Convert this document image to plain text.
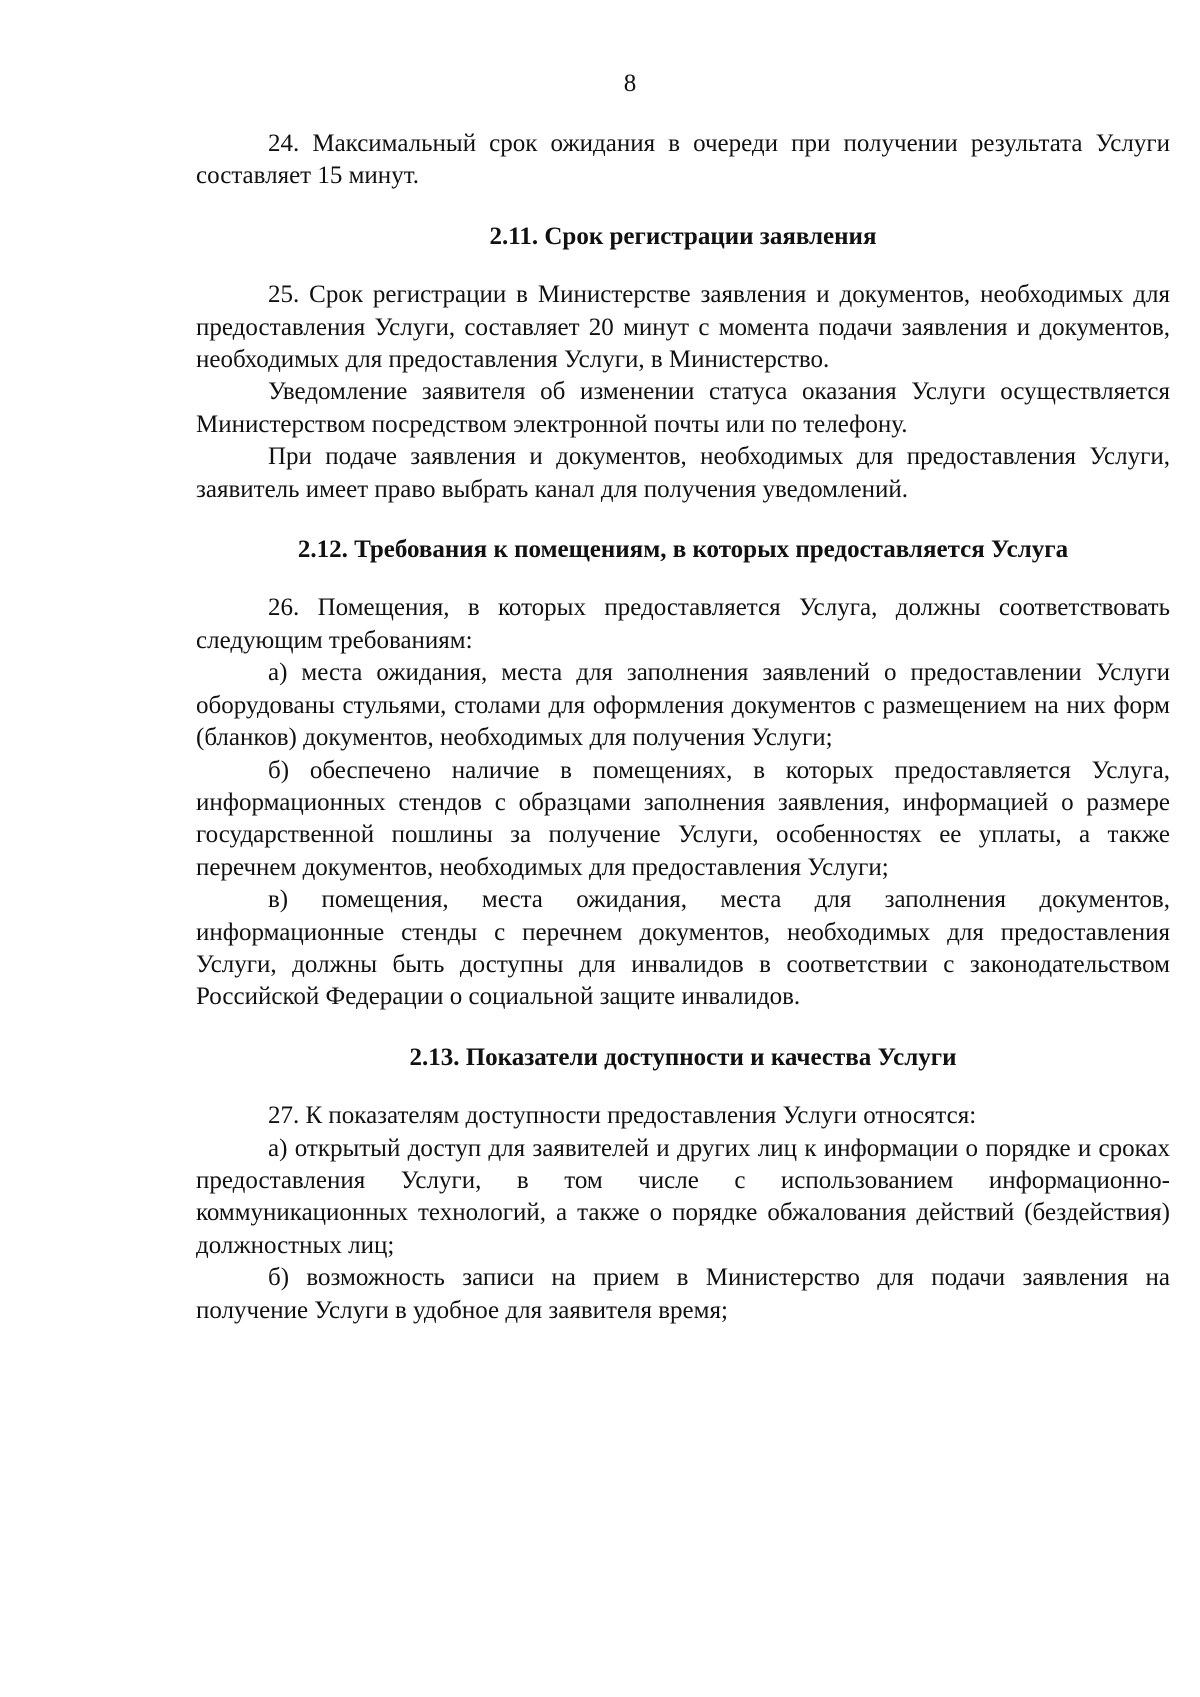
8

24. Максимальный срок ожидания в очереди при получении результата Услуги составляет 15 минут.

2.11. Срок регистрации заявления

25. Срок регистрации в Министерстве заявления и документов, необходимых для предоставления Услуги, составляет 20 минут с момента подачи заявления и документов, необходимых для предоставления Услуги, в Министерство.

Уведомление заявителя об изменении статуса оказания Услуги осуществляется Министерством посредством электронной почты или по телефону.

При подаче заявления и документов, необходимых для предоставления Услуги, заявитель имеет право выбрать канал для получения уведомлений.

2.12. Требования к помещениям, в которых предоставляется Услуга

26. Помещения, в которых предоставляется Услуга, должны соответствовать следующим требованиям:

а) места ожидания, места для заполнения заявлений о предоставлении Услуги оборудованы стульями, столами для оформления документов с размещением на них форм (бланков) документов, необходимых для получения Услуги;

б) обеспечено наличие в помещениях, в которых предоставляется Услуга, информационных стендов с образцами заполнения заявления, информацией о размере государственной пошлины за получение Услуги, особенностях ее уплаты, а также перечнем документов, необходимых для предоставления Услуги;

в) помещения, места ожидания, места для заполнения документов, информационные стенды с перечнем документов, необходимых для предоставления Услуги, должны быть доступны для инвалидов в соответствии с законодательством Российской Федерации о социальной защите инвалидов.

2.13. Показатели доступности и качества Услуги

27. К показателям доступности предоставления Услуги относятся:

а) открытый доступ для заявителей и других лиц к информации о порядке и сроках предоставления Услуги, в том числе с использованием информационно-коммуникационных технологий, а также о порядке обжалования действий (бездействия) должностных лиц;

б) возможность записи на прием в Министерство для подачи заявления на получение Услуги в удобное для заявителя время;
